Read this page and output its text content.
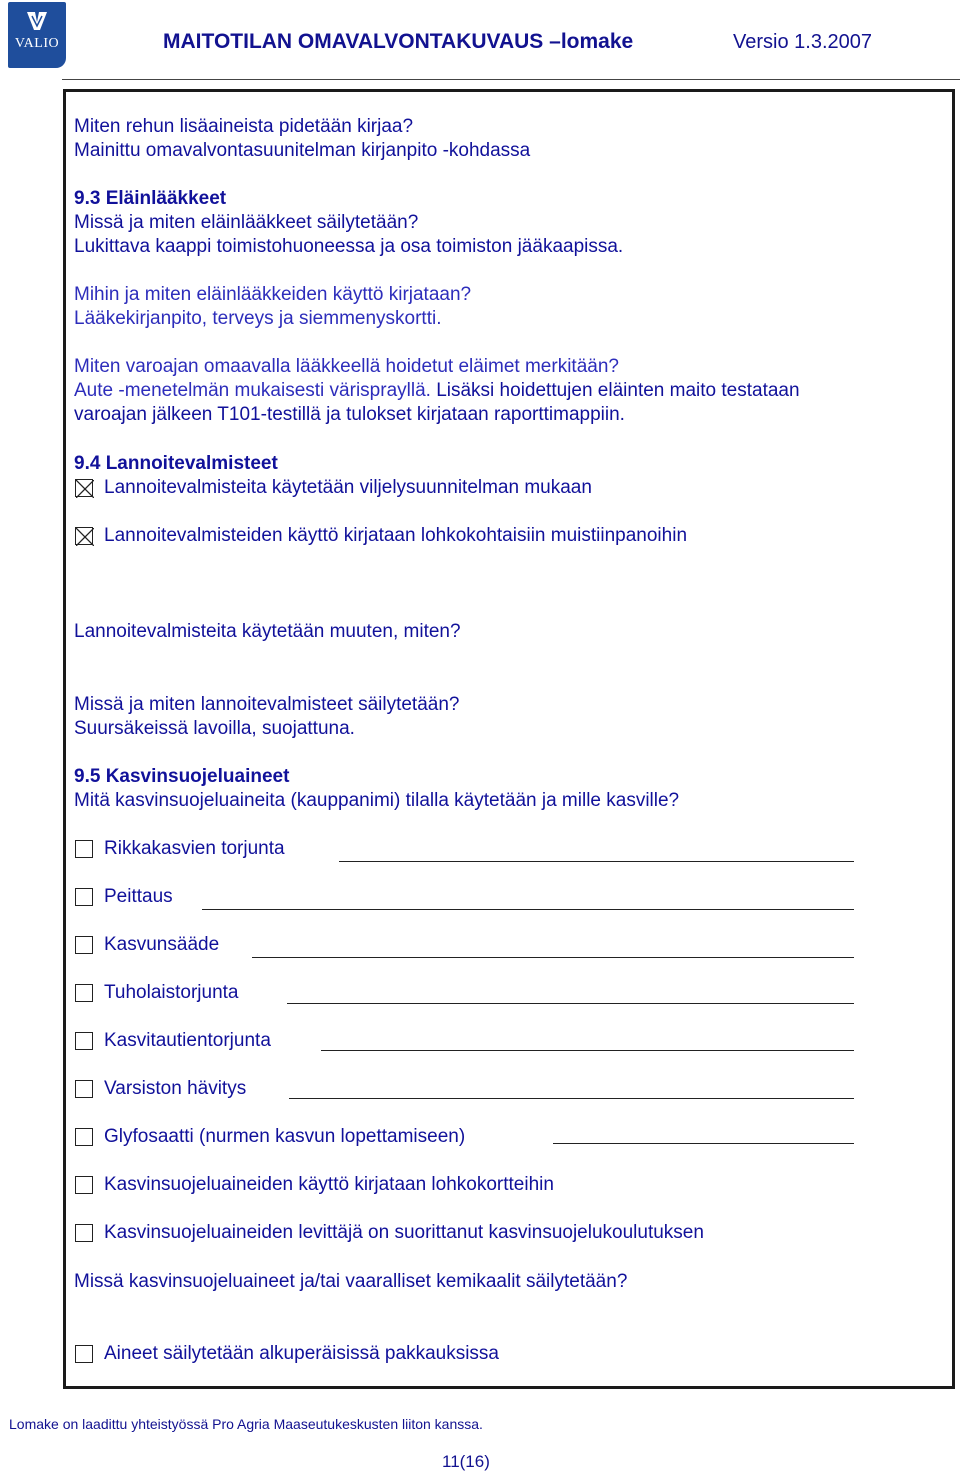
VALIO	MAITOTILAN OMAVALVONTAKUVAUS –lomake	Versio 1.3.2007
Miten rehun lisäaineista pidetään kirjaa?
Mainittu omavalvontasuunitelman kirjanpito -kohdassa
9.3 Eläinlääkkeet
Missä ja miten eläinlääkkeet säilytetään?
Lukittava kaappi toimistohuoneessa ja osa toimiston jääkaapissa.
Mihin ja miten eläinlääkkeiden käyttö kirjataan?
Lääkekirjanpito, terveys ja siemmenyskortti.
Miten varoajan omaavalla lääkkeellä hoidetut eläimet merkitään?
Aute -menetelmän mukaisesti värisprayllä. Lisäksi hoidettujen eläinten maito testataan
varoajan jälkeen T101-testillä ja tulokset kirjataan raporttimappiin.
9.4 Lannoitevalmisteet
Lannoitevalmisteita käytetään viljelysuunnitelman mukaan
Lannoitevalmisteiden käyttö kirjataan lohkokohtaisiin muistiinpanoihin
Lannoitevalmisteita käytetään muuten, miten?
Missä ja miten lannoitevalmisteet säilytetään?
Suursäkeissä lavoilla, suojattuna.
9.5 Kasvinsuojeluaineet
Mitä kasvinsuojeluaineita (kauppanimi) tilalla käytetään ja mille kasville?
Rikkakasvien torjunta
Peittaus
Kasvunsääde
Tuholaistorjunta
Kasvitautientorjunta
Varsiston hävitys
Glyfosaatti (nurmen kasvun lopettamiseen)
Kasvinsuojeluaineiden käyttö kirjataan lohkokortteihin
Kasvinsuojeluaineiden levittäjä on suorittanut kasvinsuojelukoulutuksen
Missä kasvinsuojeluaineet ja/tai vaaralliset kemikaalit säilytetään?
Aineet säilytetään alkuperäisissä pakkauksissa
Lomake on laadittu yhteistyössä Pro Agria Maaseutukeskusten liiton kanssa.
11(16)
